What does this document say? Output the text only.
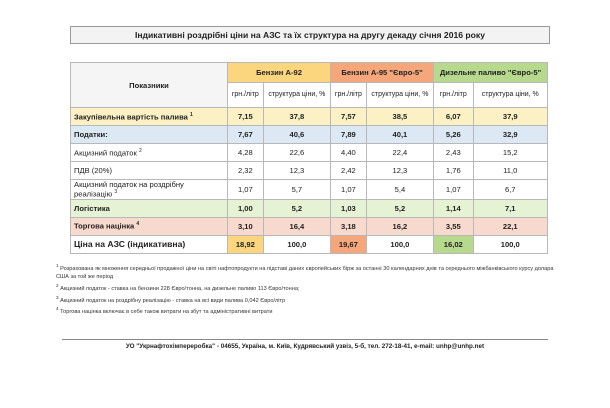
Індикативні роздрібні ціни на АЗС та їх структура на другу декаду січня 2016 року
Показники	Бензин А-92		Бензин А-95 "Євро-5"		Дизельне паливо "Євро-5"	
	грн./літр	структура ціни, %	грн./літр	структура ціни, %	грн./літр	структура ціни, %
Закупівельна вартість палива $^1$	7,15	37,8	7,57	38,5	6,07	37,9
Податки:	7,67	40,6	7,89	40,1	5,26	32,9
Акцизний податок $^2$	4,28	22,6	4,40	22,4	2,43	15,2
ПДВ (20%)	2,32	12,3	2,42	12,3	1,76	11,0
Акцизний податок на роздрібну реалізацію $^3$	1,07	5,7	1,07	5,4	1,07	6,7
Логістика	1,00	5,2	1,03	5,2	1,14	7,1
Торгова націнка $^4$	3,10	16,4	3,18	16,2	3,55	22,1
Ціна на АЗС (індикативна)	18,92	100,0	19,67	100,0	16,02	100,0
$^1$ Розрахована як множення середньої продажної ціни на світі нафтопродукти на підставі даних європейських бірж за останні 30 календарних днів та середнього міжбанківського курсу долара США за той же період
$^2$ Акцизний податок - ставка на бензини 228 Євро/тонна, на дизельне паливо 113 Євро/тонна;
$^3$ Акцизний податок на роздрібну реалізацію - ставка на всі види палива 0,042 Євро/літр
$^4$ Торгова націнка включає в себе також витрати на збут та адміністративні витрати
УО "Укрнафтохімпереробка" - 04655, Україна, м. Київ, Кудрявський узвіз, 5-б, тел. 272-18-41, e-mail: unhp@unhp.net
